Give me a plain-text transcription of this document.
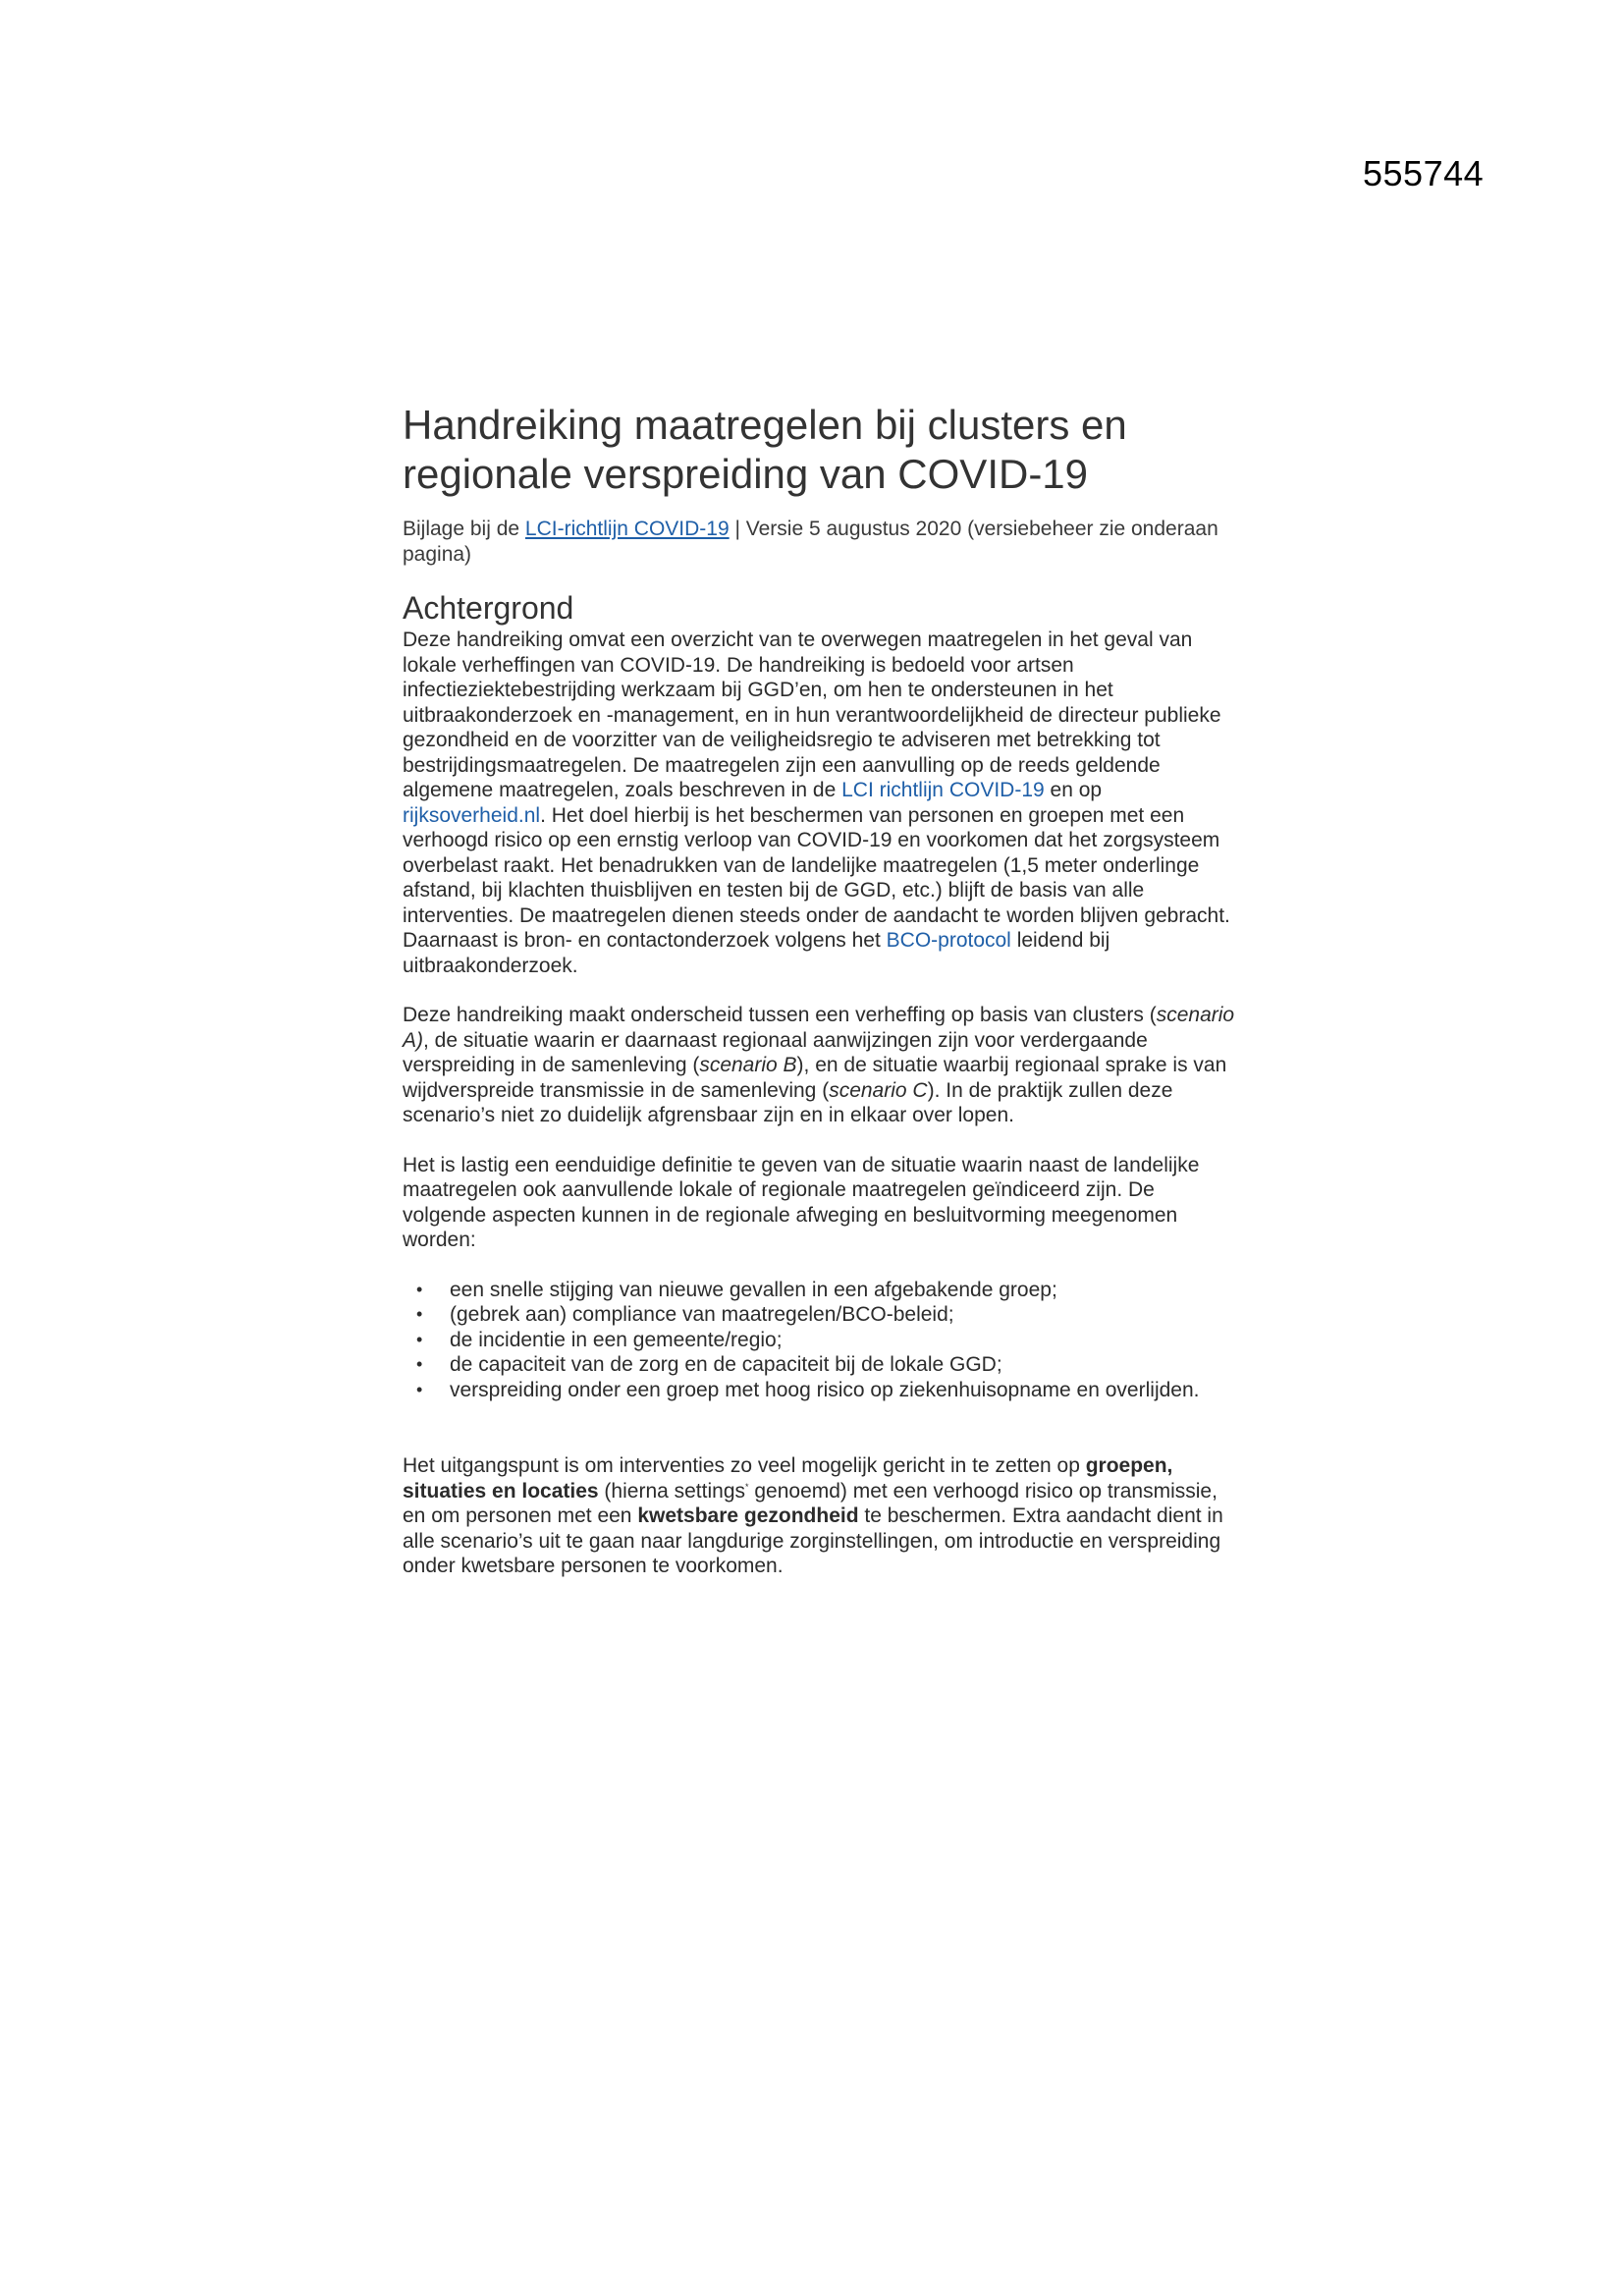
555744
Handreiking maatregelen bij clusters en regionale verspreiding van COVID-19
Bijlage bij de LCI-richtlijn COVID-19 | Versie 5 augustus 2020 (versiebeheer zie onderaan pagina)
Achtergrond

Deze handreiking omvat een overzicht van te overwegen maatregelen in het geval van lokale verheffingen van COVID-19. De handreiking is bedoeld voor artsen infectieziektebestrijding werkzaam bij GGD’en, om hen te ondersteunen in het uitbraakonderzoek en -management, en in hun verantwoordelijkheid de directeur publieke gezondheid en de voorzitter van de veiligheidsregio te adviseren met betrekking tot bestrijdingsmaatregelen. De maatregelen zijn een aanvulling op de reeds geldende algemene maatregelen, zoals beschreven in de LCI richtlijn COVID-19 en op rijksoverheid.nl. Het doel hierbij is het beschermen van personen en groepen met een verhoogd risico op een ernstig verloop van COVID-19 en voorkomen dat het zorgsysteem overbelast raakt. Het benadrukken van de landelijke maatregelen (1,5 meter onderlinge afstand, bij klachten thuisblijven en testen bij de GGD, etc.) blijft de basis van alle interventies. De maatregelen dienen steeds onder de aandacht te worden blijven gebracht. Daarnaast is bron- en contactonderzoek volgens het BCO-protocol leidend bij uitbraakonderzoek.

Deze handreiking maakt onderscheid tussen een verheffing op basis van clusters (scenario A), de situatie waarin er daarnaast regionaal aanwijzingen zijn voor verdergaande verspreiding in de samenleving (scenario B), en de situatie waarbij regionaal sprake is van wijdverspreide transmissie in de samenleving (scenario C). In de praktijk zullen deze scenario’s niet zo duidelijk afgrensbaar zijn en in elkaar over lopen.

Het is lastig een eenduidige definitie te geven van de situatie waarin naast de landelijke maatregelen ook aanvullende lokale of regionale maatregelen geïndiceerd zijn. De volgende aspecten kunnen in de regionale afweging en besluitvorming meegenomen worden:

• een snelle stijging van nieuwe gevallen in een afgebakende groep;
• (gebrek aan) compliance van maatregelen/BCO-beleid;
• de incidentie in een gemeente/regio;
• de capaciteit van de zorg en de capaciteit bij de lokale GGD;
• verspreiding onder een groep met hoog risico op ziekenhuisopname en overlijden.

Het uitgangspunt is om interventies zo veel mogelijk gericht in te zetten op groepen, situaties en locaties (hierna settings* genoemd) met een verhoogd risico op transmissie, en om personen met een kwetsbare gezondheid te beschermen. Extra aandacht dient in alle scenario’s uit te gaan naar langdurige zorginstellingen, om introductie en verspreiding onder kwetsbare personen te voorkomen.
